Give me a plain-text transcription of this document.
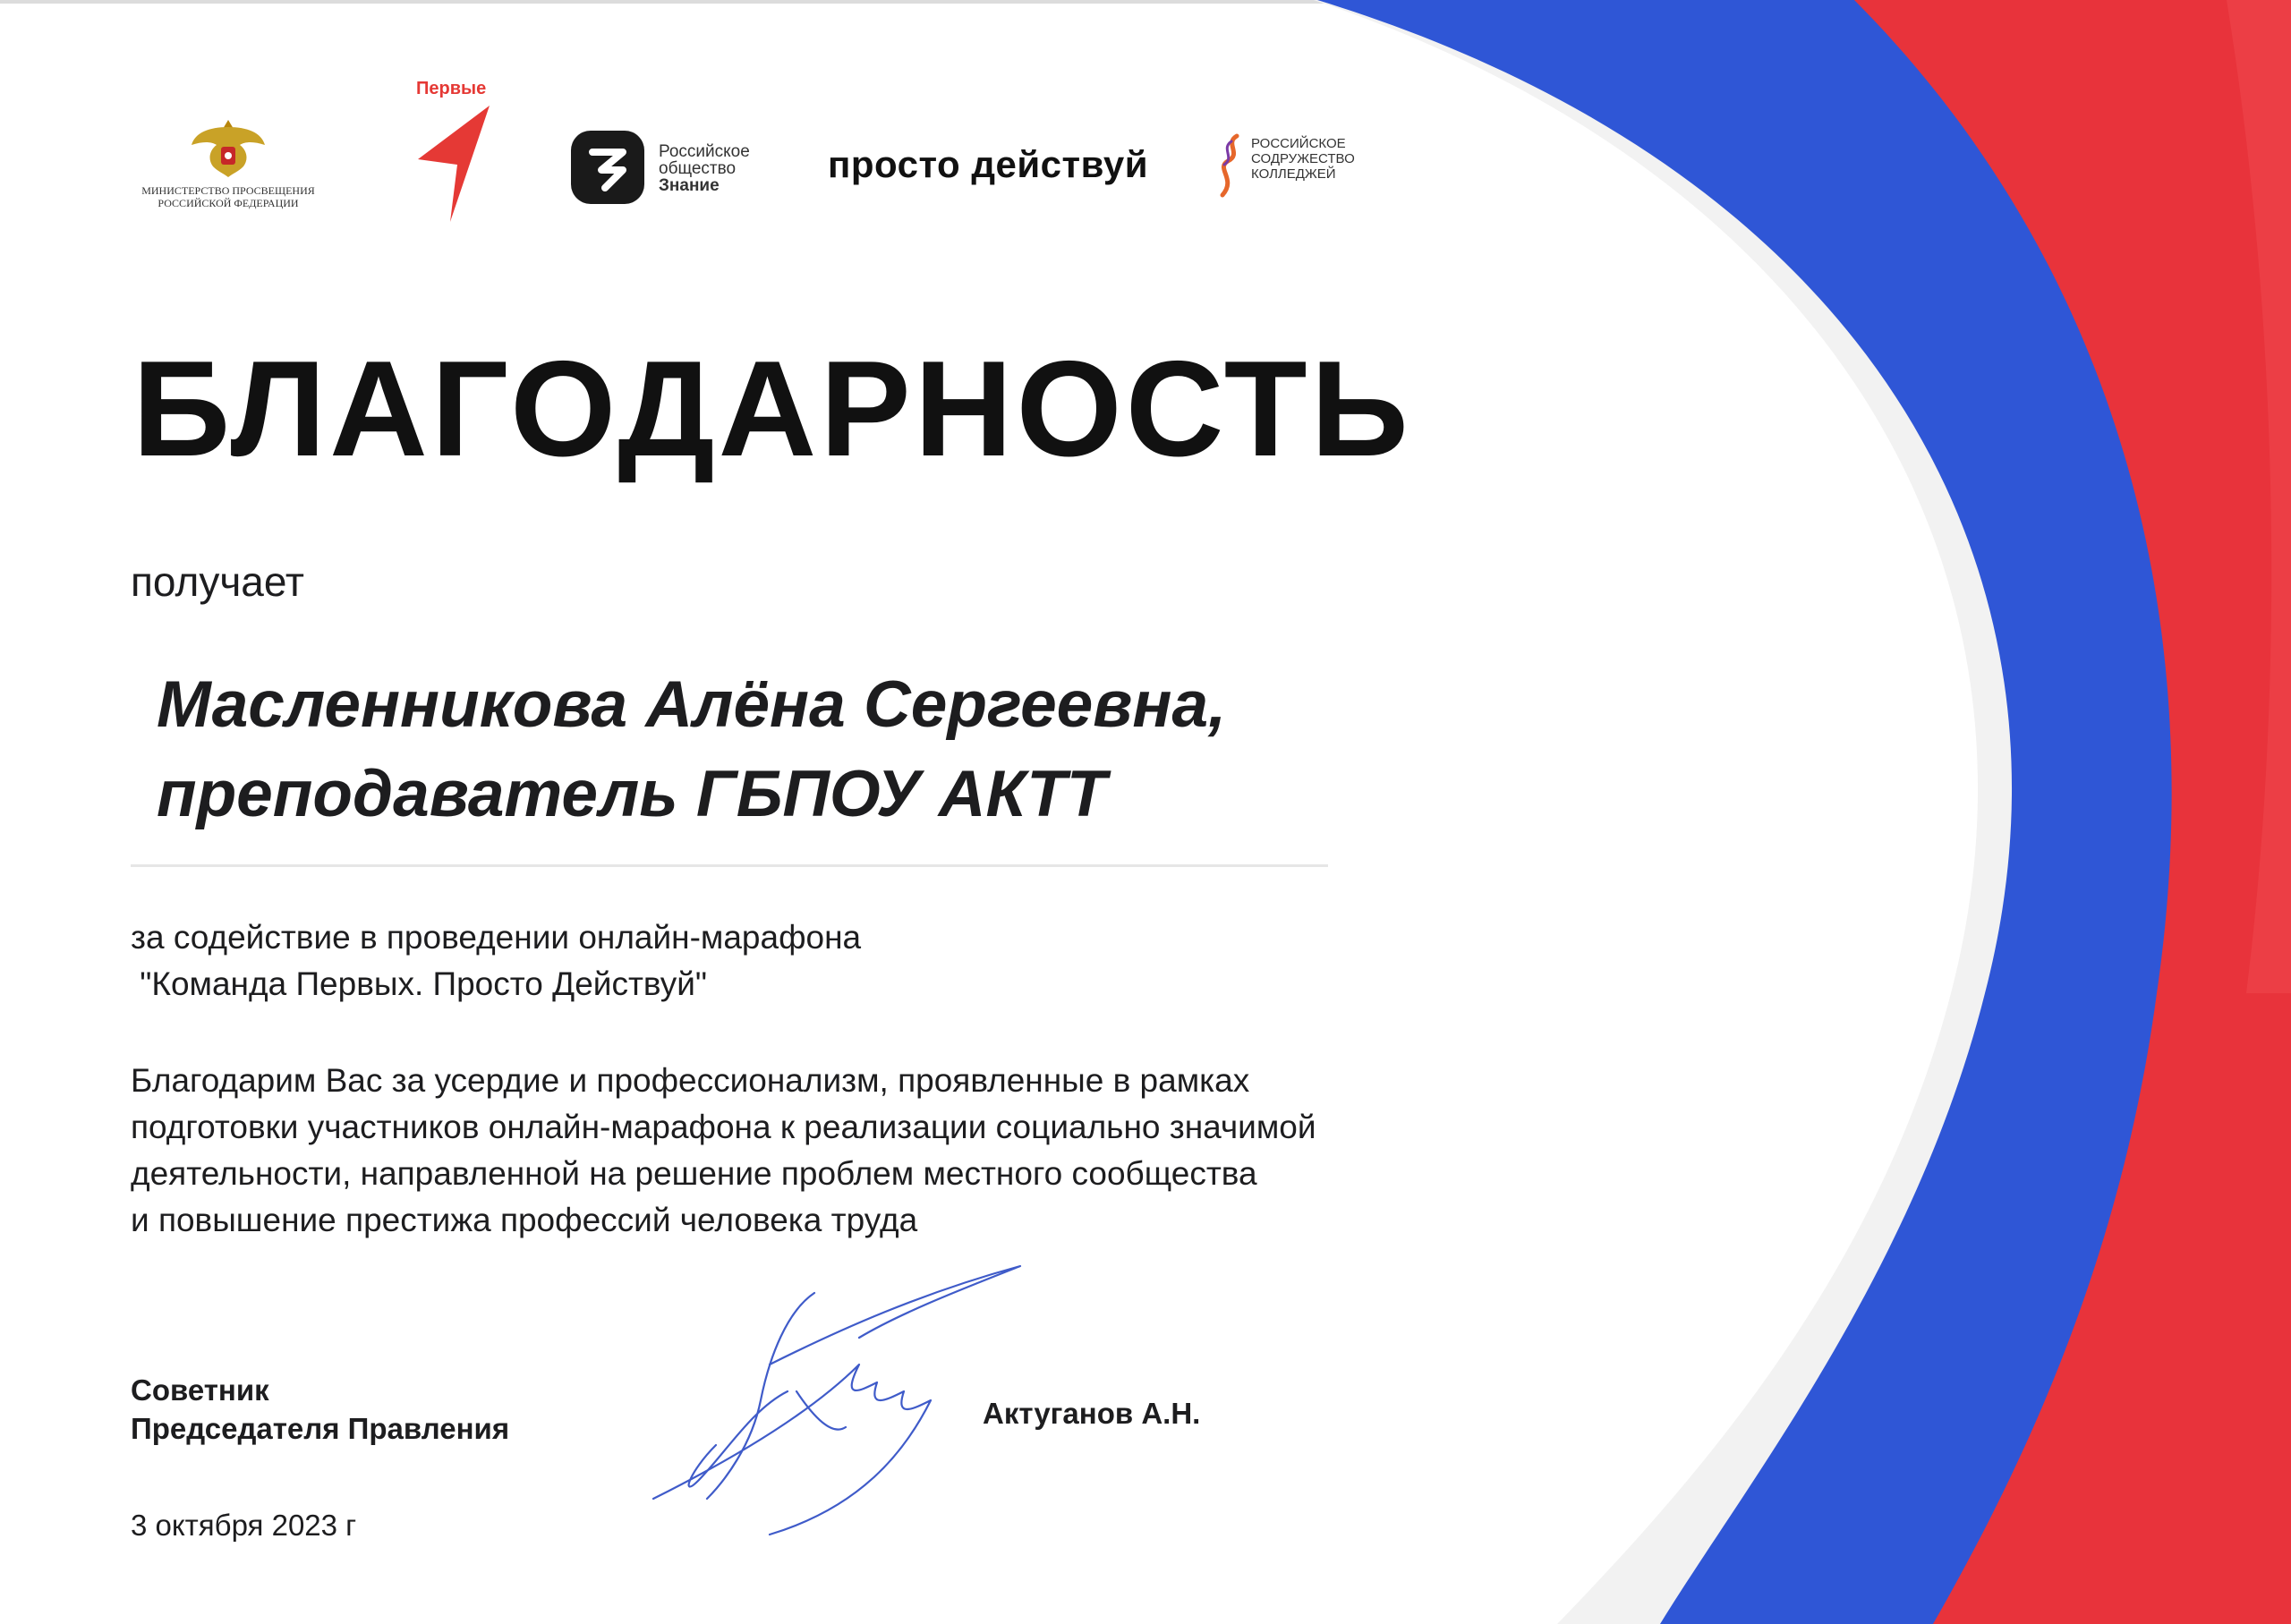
МИНИСТЕРСТВО ПРОСВЕЩЕНИЯ РОССИЙСКОЙ ФЕДЕРАЦИИ
Первые
Российское
общество
Знание
просто действуй	РОССИЙСКОЕ
СОДРУЖЕСТВО
КОЛЛЕДЖЕЙ
БЛАГОДАРНОСТЬ
получает
Масленникова Алёна Сергеевна,
преподаватель ГБПОУ АКТТ
за содействие в проведении онлайн-марафона
"Команда Первых. Просто Действуй"
Благодарим Вас за усердие и профессионализм, проявленные в рамках
подготовки участников онлайн-марафона к реализации социально значимой
деятельности, направленной на решение проблем местного сообщества
и повышение престижа профессий человека труда
Советник
Председателя Правления	Актуганов А.Н.
3 октября 2023 г
